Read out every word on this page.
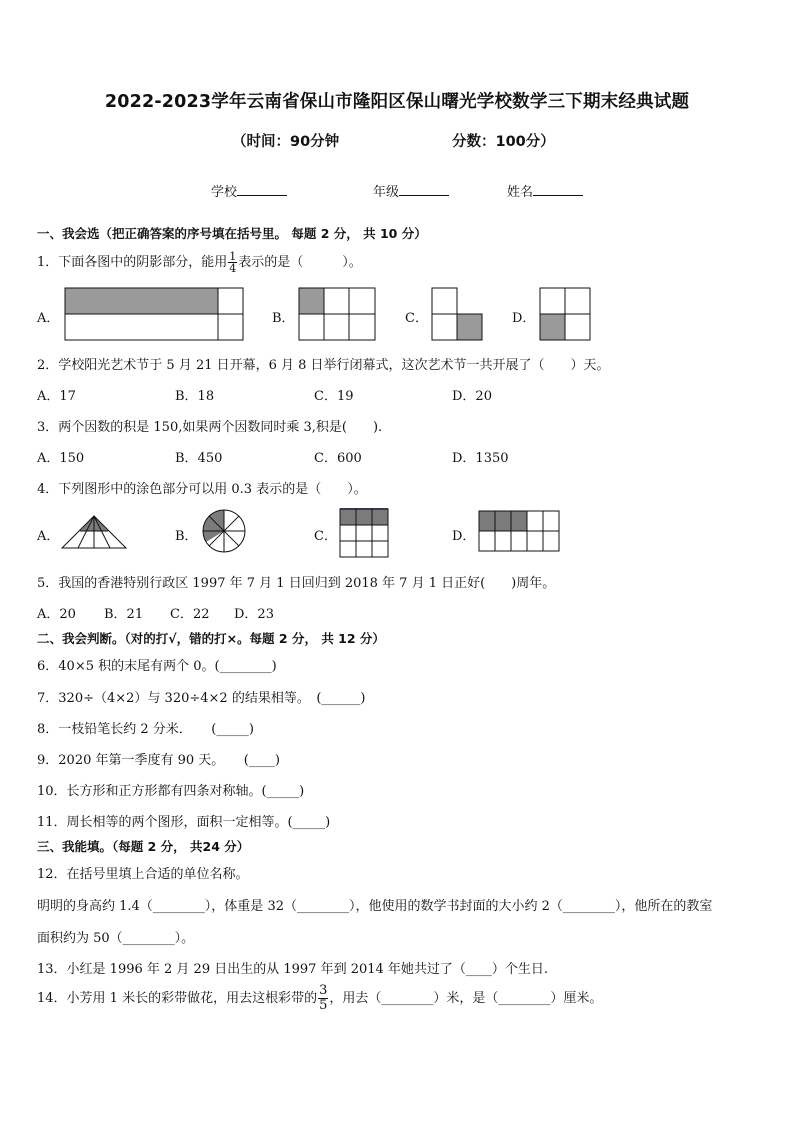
2022-2023学年云南省保山市隆阳区保山曙光学校数学三下期末经典试题
（时间：90分钟	分数：100分）
学校	年级	姓名
一、我会选（把正确答案的序号填在括号里。 每题 2 分， 共 10 分）
1．下面各图中的阴影部分，能用 $\frac{1}{4}$ 表示的是（　　　）。
A．	B．	C．	D．
2．学校阳光艺术节于 5 月 21 日开幕，6 月 8 日举行闭幕式，这次艺术节一共开展了（　　）天。
A．17	B．18	C．19	D．20
3．两个因数的积是 150,如果两个因数同时乘 3,积是(　　).
A．150	B．450	C．600	D．1350
4．下列图形中的涂色部分可以用 0.3 表示的是（　　）。
A．	B．	C．	D．
5．我国的香港特别行政区 1997 年 7 月 1 日回归到 2018 年 7 月 1 日正好(　　)周年。
A．20 B．21 C．22 D．23
二、我会判断。（对的打√，错的打×。每题 2 分， 共 12 分）
6．40×5 积的末尾有两个 0。(________)
7．320÷（4×2）与 320÷4×2 的结果相等。　(______)
8．一枝铅笔长约 2 分米．　　(_____)
9．2020 年第一季度有 90 天。　　(____)
10．长方形和正方形都有四条对称轴。(_____)
11．周长相等的两个图形，面积一定相等。(_____)
三、我能填。（每题 2 分， 共24 分）
12．在括号里填上合适的单位名称。
明明的身高约 1.4（________），体重是 32（________），他使用的数学书封面的大小约 2（________），他所在的教室
面积约为 50（________）。
13．小红是 1996 年 2 月 29 日出生的从 1997 年到 2014 年她共过了（____）个生日.
14．小芳用 1 米长的彩带做花，用去这根彩带的 $\frac{3}{5}$ ，用去（________）米，是（________）厘米。
